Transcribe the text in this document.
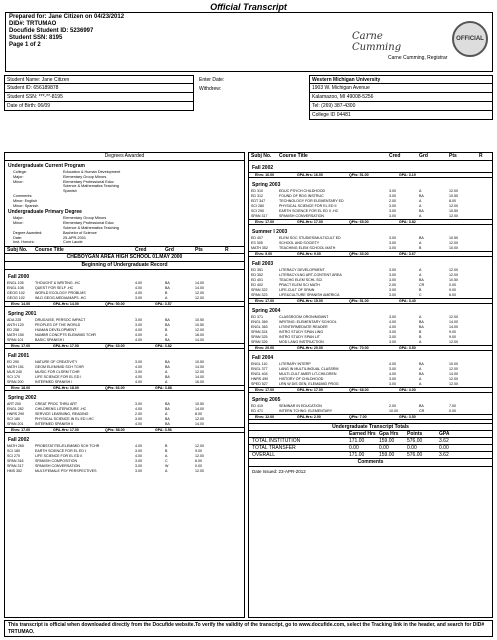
Official Transcript
Prepared for: Jane Citizen on 04/23/2012
DID#: TRTUMAO
Docufide Student ID: 5236997
Student SSN: 8195
Page 1 of 2
Carne Cumming
Carne Cumming, Registrar
OFFICIAL
Student Name: Jane Citizen
Student ID: 656189878
Student SSN: ***-**-8195
Date of Birth: 06/09
Enter Date:
Withdrew:
Western Michigan University
1903 W. Michigan Avenue
Kalamazoo, MI 49008-5256
Tel: (269) 387-4300
College ID 04481
Degrees Awarded
Undergraduate Current Program
College:	Education & Human Development
Major:	Elementary Group Minors
Minor:	Elementary Professional Educ
Science & Mathematics Teaching
Spanish
Comments:
Minor: English
Minor: Spanish
Undergraduate Primary Degree
Major:	Elementary Group Minors
Minor:	Elementary Professional Educ
Science & Mathematics Teaching
Degree Awarded:	Bachelor of Science
Date:	25-APR-2001
Inst. Honors:	Cum Laude
Subj No. Course Title	Cred	Grd	Pts	R
CHEBOYGAN AREA HIGH SCHOOL 01.MAY 2000
Beginning of Undergraduate Record
Fall 2000
ENGL 105	THOUGHT & WRITING -HC	4.00	BA	14.00
ENGL 108	QUEST FOR SELF -HC	4.00	BA	14.00
GEOG 102	WORLD ECOLOGY PROBLMS	4.00	B	12.00
GEOG 102	WLD GEOG-MEDIA/MAPS -HC	3.00	A	12.00
Ehrs: 14.00	GPA-Hrs: 14.00	QPts: 50.00	GPA: 3.57
Spring 2001
ADA 225	DRUG/USE, PERSOC IMPACT	3.00	BA	10.50
ANTH 120	PEOPLES OF THE WORLD	3.00	BA	10.50
ED 258	HUMAN DEVELOPMENT	4.00	B	12.00
MATH 150	NUMBR CONCPTS ELEM/MID TCHR	4.00	A	16.00
SPAN 101	BASIC SPANISH I	4.00	BA	14.00
Ehrs: 17.00	GPA-Hrs: 17.00	QPts: 63.00	GPA: 3.82
Fall 2001
ED 290	NATURE OF CREATIVITY	3.00	BA	10.50
MATH 151	GEOM ELEM/MID SCH TCHR	4.00	BA	14.00
MUS 240	MUSIC FOR CLSRM TCHR	3.00	A	12.00
SCI 170	LIFE SCIENCE FOR EL ED I	4.00	BA	14.00
SPAN 200	INTERMED SPANISH I	4.00	A	16.00
Ehrs: 18.00	GPA-Hrs: 18.00	QPts: 66.00	GPA: 3.88
Spring 2002
ART 200	CREAT PROC THRU ART	3.00	BA	10.50
ENGL 282	CHILDRENS LITERATURE -HC	4.00	BA	14.00
HNRS 290	SERVICE LEARNING, READING	2.00	A	8.00
SCI 180	PHYSICAL SCIENCE IN EL ED I-HC	3.00	BA	12.00
SPAN 201	INTERMED SPANISH II	4.00	BA	14.00
Ehrs: 17.00	GPA-Hrs: 17.00	QPts: 58.00	GPA: 3.56
Fall 2002
MATH 265	PROBSTAT/TEL/ELEM/MID SCH TCHR	4.00	B	12.00
SCI 180	EARTH SCIENCE FOR EL ED I	3.00	B	9.00
SCI 270	LIFE SCIENCE FOR EL ED II	4.00	A	12.00
SPAN 316	SPANISH COMPOSITION	3.00	C	6.00
SPAN 317	SPANISH CONVERSATION	3.00	W	0.00
HMS 352	MULT/FEMALE PSY PERSPECTIVES	3.00	A	12.00
Subj No. Course Title	Cred	Grd	Pts	R
Fall 2002
Ehrs: 16.00	GPA-Hrs: 16.00	QPts: 51.00	GPA: 3.19
Spring 2003
ED 310	EDUC PSYCH CHILDHOOD	3.00	A	12.00
ED 312	FOUND OF RDG INSTRUC	3.00	BA	10.50
EDT 347	TECHNOLOGY FOR ELEMENTARY ED	2.00	A	8.00
SCI 280	PHYSICAL SCIENCE FOR EL ED II	3.00	A	12.00
SCI 290	EARTH SCIENCE FOR EL ED II -HC	3.00	BA	10.50
SPAN 317	SPANISH CONVERSATION	3.00	A	12.00
Ehrs: 17.00	GPA-Hrs: 17.00	QPts: 65.00	GPA: 3.82
Summer I 2003
ED 407	ELEM SOC STUDIES/MULTICULT ED	3.00	BA	10.50
ES 305	SCHOOL AND SOCIETY	3.00	A	12.00
MATH 352	TEACHING ELEM SCHOOL MATH	3.00	B	10.00
Ehrs: 9.00	GPA-Hrs: 9.00	QPts: 33.00	GPA: 3.67
Fall 2003
ED 351	LITERACY DEVELOPMENT	3.00	A	12.00
ED 352	LITERACY/LNG ART-CONTENT AREA	3.00	A	12.00
ED 401	TEACHG ELEM SCHL SCI	3.00	BA	10.50
ED 402	PRACT ELEM SCI MATH	2.00	CR	0.00
SPAN 322	LIFE-CULT OF SPAIN	3.00	B	9.00
SPAN 323	LIFE&CULTURE SPANISH AMERICA	3.00	C	6.00
Ehrs: 17.00	GPA-Hrs: 15.00	QPts: 51.00	GPA: 3.40
Spring 2004
ED 371	CLASSROOM ORGN/MGMNT	3.00	A	12.00
ENGL 369	WRITING: ELEMENTARY SCHOOL	4.00	BA	14.00
ENGL 363	LIT/INTERMEDIATE READER	4.00	BA	14.00
SPAN 324	INTRO STUDY SPAN LING	3.00	B	9.00
SPAN 325	INTRO STUDY SPAN LIT	3.00	B	9.00
SPAN 326	MOD LANG INSTRUCTION	3.00	A	12.00
Ehrs: 20.00	GPA-Hrs: 20.00	QPts: 70.00	GPA: 3.50
Fall 2004
ENGL 110	LITERARY INTERP	4.00	BA	10.00
ENGL 377	LANG IN MULTILINGUAL CLASSRM	3.00	A	12.00
ENGL 404	MULTI-CULT AMER LIT-CHILDREN	4.00	BA	14.00
HNRS 490	HISTORY OF CHILDHOOD	3.00	A	12.00
SPED 527	LRN W DIS GEN, ELEM&MID PROG	3.00	A	12.00
Ehrs: 17.00	GPA-Hrs: 17.00	QPts: 68.00	GPA: 4.00
Spring 2005
ED 410	SEMINAR IN EDUCATION	2.00	BA	7.00
ED 471	INTERN TCHNG: ELEMENTARY	10.00	CR	0.00
Ehrs: 12.00	GPA-Hrs: 2.00	QPts: 7.00	GPA: 3.50
Undergraduate Transcript Totals
Earned Hrs Gpa Hrs Points	GPA
TOTAL INSTITUTION	171.00	159.00	576.00	3.62
TOTAL TRANSFER	0.00	0.00	0.00	0.00
OVERALL	171.00	159.00	576.00	3.62
Comments
Date Issued: 23-APR-2012
This transcript is official when downloaded directly from the Docufide website.To verify the validity of the transcript, go to www.docufide.com, select the Tracking link in the header, and search for DID# TRTUMAO.
